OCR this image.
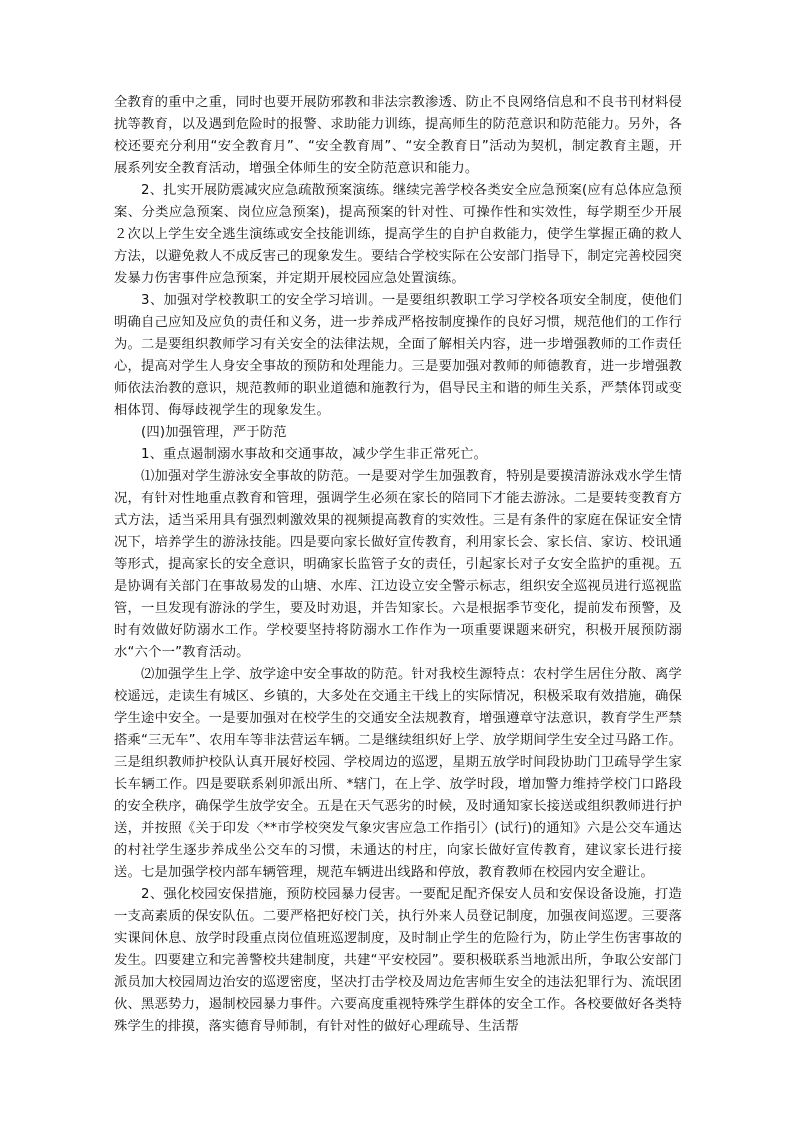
全教育的重中之重，同时也要开展防邪教和非法宗教渗透、防止不良网络信息和不良书刊材料侵扰等教育，以及遇到危险时的报警、求助能力训练，提高师生的防范意识和防范能力。另外，各校还要充分利用“安全教育月”、“安全教育周”、“安全教育日”活动为契机，制定教育主题，开展系列安全教育活动，增强全体师生的安全防范意识和能力。

2、扎实开展防震减灾应急疏散预案演练。继续完善学校各类安全应急预案(应有总体应急预案、分类应急预案、岗位应急预案)，提高预案的针对性、可操作性和实效性，每学期至少开展２次以上学生安全逃生演练或安全技能训练，提高学生的自护自救能力，使学生掌握正确的救人方法，以避免救人不成反害己的现象发生。要结合学校实际在公安部门指导下，制定完善校园突发暴力伤害事件应急预案，并定期开展校园应急处置演练。

3、加强对学校教职工的安全学习培训。一是要组织教职工学习学校各项安全制度，使他们明确自己应知及应负的责任和义务，进一步养成严格按制度操作的良好习惯，规范他们的工作行为。二是要组织教师学习有关安全的法律法规，全面了解相关内容，进一步增强教师的工作责任心，提高对学生人身安全事故的预防和处理能力。三是要加强对教师的师德教育，进一步增强教师依法治教的意识，规范教师的职业道德和施教行为，倡导民主和谐的师生关系，严禁体罚或变相体罚、侮辱歧视学生的现象发生。

(四)加强管理，严于防范

1、重点遏制溺水事故和交通事故，减少学生非正常死亡。

⑴加强对学生游泳安全事故的防范。一是要对学生加强教育，特别是要摸清游泳戏水学生情况，有针对性地重点教育和管理，强调学生必须在家长的陪同下才能去游泳。二是要转变教育方式方法，适当采用具有强烈刺激效果的视频提高教育的实效性。三是有条件的家庭在保证安全情况下，培养学生的游泳技能。四是要向家长做好宣传教育，利用家长会、家长信、家访、校讯通等形式，提高家长的安全意识，明确家长监管子女的责任，引起家长对子女安全监护的重视。五是协调有关部门在事故易发的山塘、水库、江边设立安全警示标志，组织安全巡视员进行巡视监管，一旦发现有游泳的学生，要及时劝退，并告知家长。六是根据季节变化，提前发布预警，及时有效做好防溺水工作。学校要坚持将防溺水工作作为一项重要课题来研究，积极开展预防溺水“六个一”教育活动。

⑵加强学生上学、放学途中安全事故的防范。针对我校生源特点：农村学生居住分散、离学校遥远，走读生有城区、乡镇的，大多处在交通主干线上的实际情况，积极采取有效措施，确保学生途中安全。一是要加强对在校学生的交通安全法规教育，增强遵章守法意识，教育学生严禁搭乘“三无车”、农用车等非法营运车辆。二是继续组织好上学、放学期间学生安全过马路工作。三是组织教师护校队认真开展好校园、学校周边的巡逻，星期五放学时间段协助门卫疏导学生家长车辆工作。四是要联系剁卯派出所、*辖门，在上学、放学时段，增加警力维持学校门口路段的安全秩序，确保学生放学安全。五是在天气恶劣的时候，及时通知家长接送或组织教师进行护送，并按照《关于印发〈**市学校突发气象灾害应急工作指引〉(试行)的通知》六是公交车通达的村社学生逐步养成坐公交车的习惯，未通达的村庄，向家长做好宣传教育，建议家长进行接送。七是加强学校内部车辆管理，规范车辆进出线路和停放，教育教师在校园内安全避让。

2、强化校园安保措施，预防校园暴力侵害。一要配足配齐保安人员和安保设备设施，打造一支高素质的保安队伍。二要严格把好校门关，执行外来人员登记制度，加强夜间巡逻。三要落实课间休息、放学时段重点岗位值班巡逻制度，及时制止学生的危险行为，防止学生伤害事故的发生。四要建立和完善警校共建制度，共建“平安校园”。要积极联系当地派出所，争取公安部门派员加大校园周边治安的巡逻密度，坚决打击学校及周边危害师生安全的违法犯罪行为、流氓团伙、黑恶势力，遏制校园暴力事件。六要高度重视特殊学生群体的安全工作。各校要做好各类特殊学生的排摸，落实德育导师制，有针对性的做好心理疏导、生活帮
